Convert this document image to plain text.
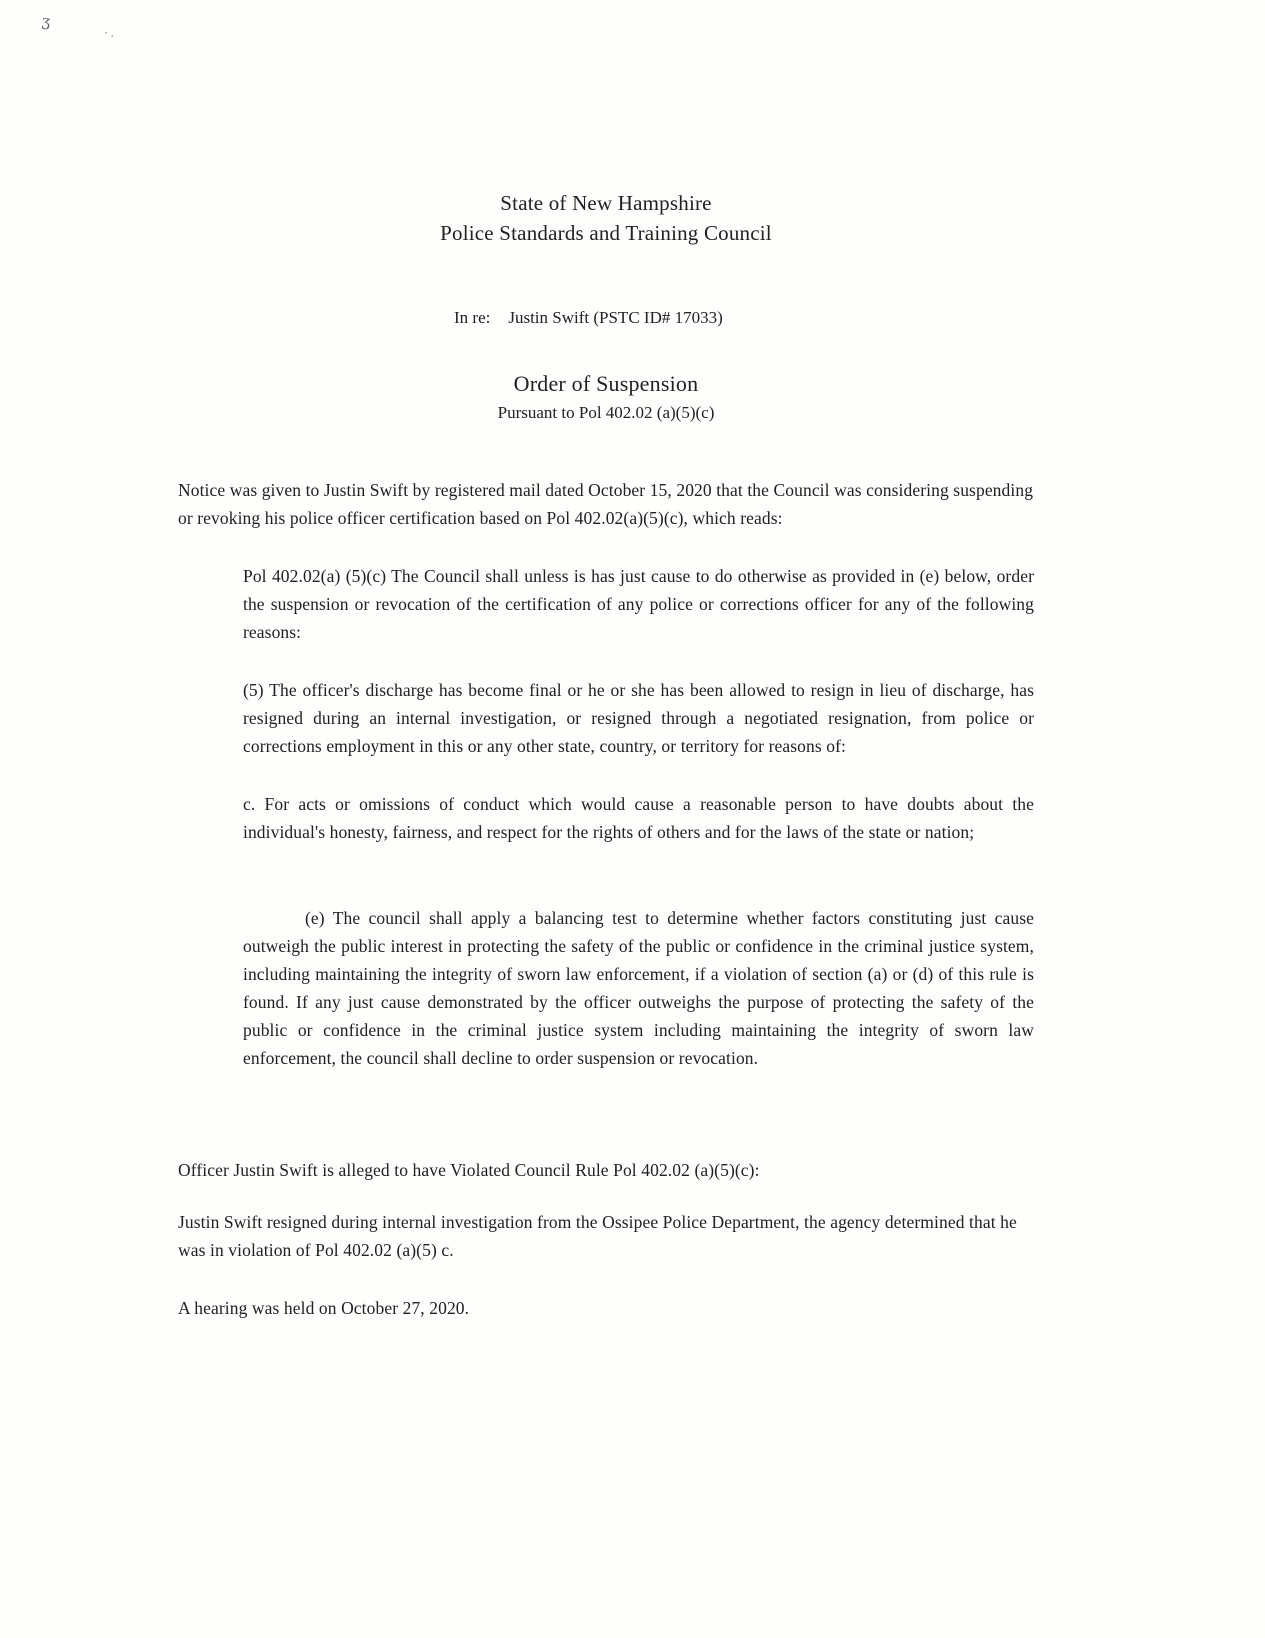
ʒ
·.
State of New Hampshire
Police Standards and Training Council
In re: Justin Swift (PSTC ID# 17033)
Order of Suspension
Pursuant to Pol 402.02 (a)(5)(c)

Notice was given to Justin Swift by registered mail dated October 15, 2020 that the Council was considering suspending or revoking his police officer certification based on Pol 402.02(a)(5)(c), which reads:

Pol 402.02(a) (5)(c) The Council shall unless is has just cause to do otherwise as provided in (e) below, order the suspension or revocation of the certification of any police or corrections officer for any of the following reasons:

(5) The officer's discharge has become final or he or she has been allowed to resign in lieu of discharge, has resigned during an internal investigation, or resigned through a negotiated resignation, from police or corrections employment in this or any other state, country, or territory for reasons of:

c. For acts or omissions of conduct which would cause a reasonable person to have doubts about the individual's honesty, fairness, and respect for the rights of others and for the laws of the state or nation;

(e) The council shall apply a balancing test to determine whether factors constituting just cause outweigh the public interest in protecting the safety of the public or confidence in the criminal justice system, including maintaining the integrity of sworn law enforcement, if a violation of section (a) or (d) of this rule is found. If any just cause demonstrated by the officer outweighs the purpose of protecting the safety of the public or confidence in the criminal justice system including maintaining the integrity of sworn law enforcement, the council shall decline to order suspension or revocation.

Officer Justin Swift is alleged to have Violated Council Rule Pol 402.02 (a)(5)(c):

Justin Swift resigned during internal investigation from the Ossipee Police Department, the agency determined that he was in violation of Pol 402.02 (a)(5) c.

A hearing was held on October 27, 2020.
